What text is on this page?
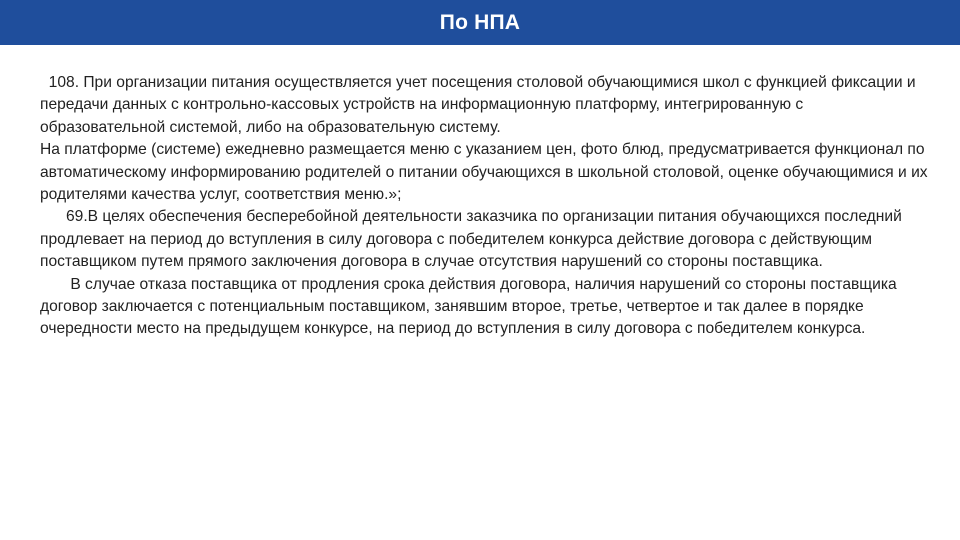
По НПА

108. При организации питания осуществляется учет посещения столовой обучающимися школ с функцией фиксации и передачи данных с контрольно-кассовых устройств на информационную платформу, интегрированную с образовательной системой, либо на образовательную систему.

На платформе (системе) ежедневно размещается меню с указанием цен, фото блюд, предусматривается функционал по автоматическому информированию родителей о питании обучающихся в школьной столовой, оценке обучающимися и их родителями качества услуг, соответствия меню.»;

69.В целях обеспечения бесперебойной деятельности заказчика по организации питания обучающихся последний продлевает на период до вступления в силу договора с победителем конкурса действие договора с действующим поставщиком путем прямого заключения договора в случае отсутствия нарушений со стороны поставщика.

В случае отказа поставщика от продления срока действия договора, наличия нарушений со стороны поставщика договор заключается с потенциальным поставщиком, занявшим второе, третье, четвертое и так далее в порядке очередности место на предыдущем конкурсе, на период до вступления в силу договора с победителем конкурса.
